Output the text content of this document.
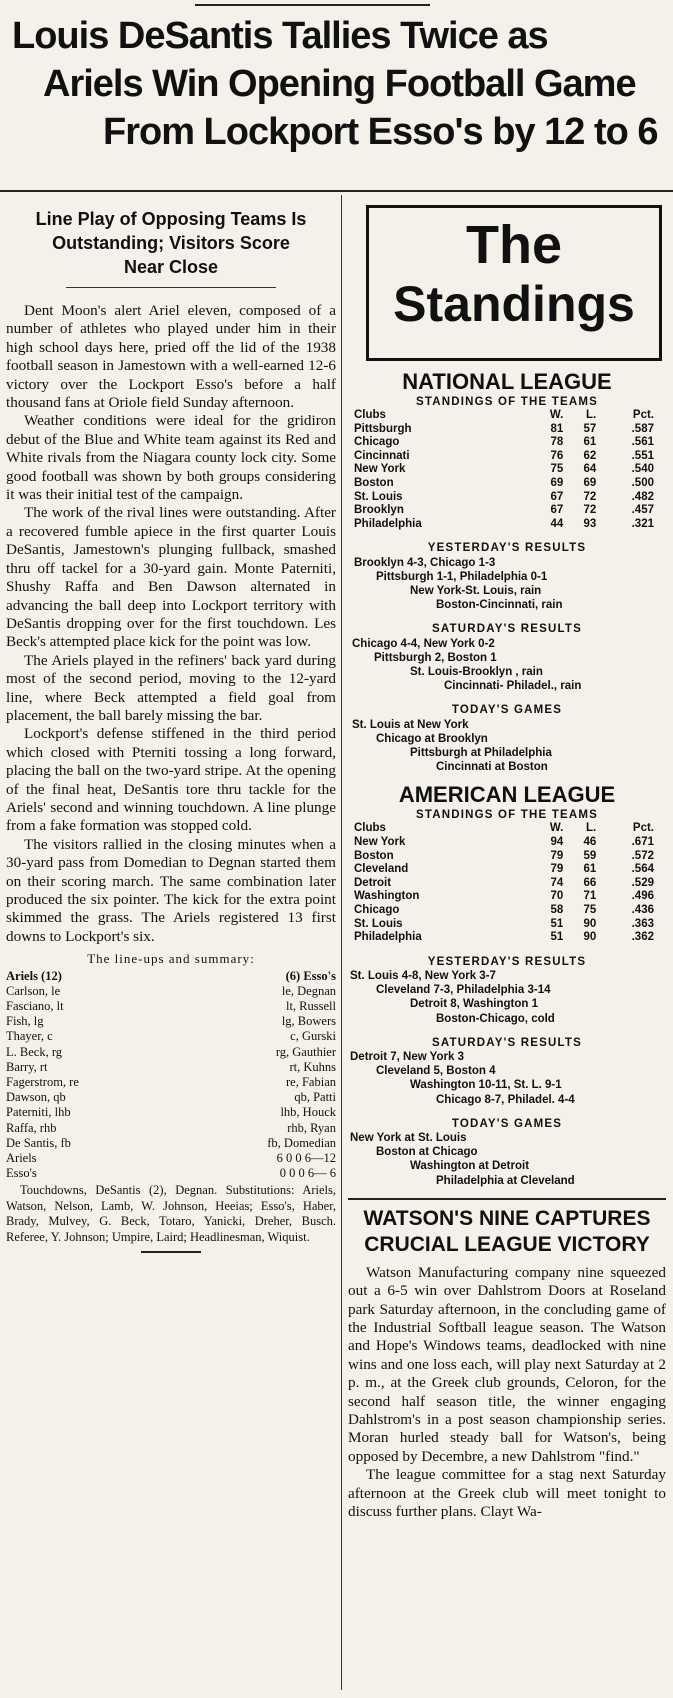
Louis DeSantis Tallies Twice as
Ariels Win Opening Football Game
From Lockport Esso's by 12 to 6
Line Play of Opposing Teams Is
Outstanding; Visitors Score
Near Close

Dent Moon's alert Ariel eleven, composed of a number of athletes who played under him in their high school days here, pried off the lid of the 1938 football season in Jamestown with a well-earned 12-6 victory over the Lockport Esso's before a half thousand fans at Oriole field Sunday afternoon.

Weather conditions were ideal for the gridiron debut of the Blue and White team against its Red and White rivals from the Niagara county lock city. Some good football was shown by both groups considering it was their initial test of the campaign.

The work of the rival lines were outstanding. After a recovered fumble apiece in the first quarter Louis DeSantis, Jamestown's plunging fullback, smashed thru off tackel for a 30-yard gain. Monte Paterniti, Shushy Raffa and Ben Dawson alternated in advancing the ball deep into Lockport territory with DeSantis dropping over for the first touchdown. Les Beck's attempted place kick for the point was low.

The Ariels played in the refiners' back yard during most of the second period, moving to the 12-yard line, where Beck attempted a field goal from placement, the ball barely missing the bar.

Lockport's defense stiffened in the third period which closed with Pterniti tossing a long forward, placing the ball on the two-yard stripe. At the opening of the final heat, DeSantis tore thru tackle for the Ariels' second and winning touchdown. A line plunge from a fake formation was stopped cold.

The visitors rallied in the closing minutes when a 30-yard pass from Domedian to Degnan started them on their scoring march. The same combination later produced the six pointer. The kick for the extra point skimmed the grass. The Ariels registered 13 first downs to Lockport's six.

The line-ups and summary:
Ariels (12)	(6) Esso's
Carlson, le	le, Degnan
Fasciano, lt	lt, Russell
Fish, lg	lg, Bowers
Thayer, c	c, Gurski
L. Beck, rg	rg, Gauthier
Barry, rt	rt, Kuhns
Fagerstrom, re	re, Fabian
Dawson, qb	qb, Patti
Paterniti, lhb	lhb, Houck
Raffa, rhb	rhb, Ryan
De Santis, fb	fb, Domedian
Ariels	6 0 0 6—12
Esso's	0 0 0 6— 6
Touchdowns, DeSantis (2), Degnan. Substitutions: Ariels, Watson, Nelson, Lamb, W. Johnson, Heeias; Esso's, Haber, Brady, Mulvey, G. Beck, Totaro, Yanicki, Dreher, Busch. Referee, Y. Johnson; Umpire, Laird; Headlinesman, Wiquist.
The
Standings
NATIONAL LEAGUE
STANDINGS OF THE TEAMS
Clubs	W.	L.	Pct.
Pittsburgh	81	57	.587
Chicago	78	61	.561
Cincinnati	76	62	.551
New York	75	64	.540
Boston	69	69	.500
St. Louis	67	72	.482
Brooklyn	67	72	.457
Philadelphia	44	93	.321
YESTERDAY'S RESULTS
Brooklyn 4-3, Chicago 1-3
Pittsburgh 1-1, Philadelphia 0-1
New York-St. Louis, rain
Boston-Cincinnati, rain
SATURDAY'S RESULTS
Chicago 4-4, New York 0-2
Pittsburgh 2, Boston 1
St. Louis-Brooklyn , rain
Cincinnati- Philadel., rain
TODAY'S GAMES
St. Louis at New York
Chicago at Brooklyn
Pittsburgh at Philadelphia
Cincinnati at Boston
AMERICAN LEAGUE
STANDINGS OF THE TEAMS
Clubs	W.	L.	Pct.
New York	94	46	.671
Boston	79	59	.572
Cleveland	79	61	.564
Detroit	74	66	.529
Washington	70	71	.496
Chicago	58	75	.436
St. Louis	51	90	.363
Philadelphia	51	90	.362
YESTERDAY'S RESULTS
St. Louis 4-8, New York 3-7
Cleveland 7-3, Philadelphia 3-14
Detroit 8, Washington 1
Boston-Chicago, cold
SATURDAY'S RESULTS
Detroit 7, New York 3
Cleveland 5, Boston 4
Washington 10-11, St. L. 9-1
Chicago 8-7, Philadel. 4-4
TODAY'S GAMES
New York at St. Louis
Boston at Chicago
Washington at Detroit
Philadelphia at Cleveland
WATSON'S NINE CAPTURES
CRUCIAL LEAGUE VICTORY

Watson Manufacturing company nine squeezed out a 6-5 win over Dahlstrom Doors at Roseland park Saturday afternoon, in the concluding game of the Industrial Softball league season. The Watson and Hope's Windows teams, deadlocked with nine wins and one loss each, will play next Saturday at 2 p. m., at the Greek club grounds, Celoron, for the second half season title, the winner engaging Dahlstrom's in a post season championship series. Moran hurled steady ball for Watson's, being opposed by Decembre, a new Dahlstrom "find."

The league committee for a stag next Saturday afternoon at the Greek club will meet tonight to discuss further plans. Clayt Wa-
